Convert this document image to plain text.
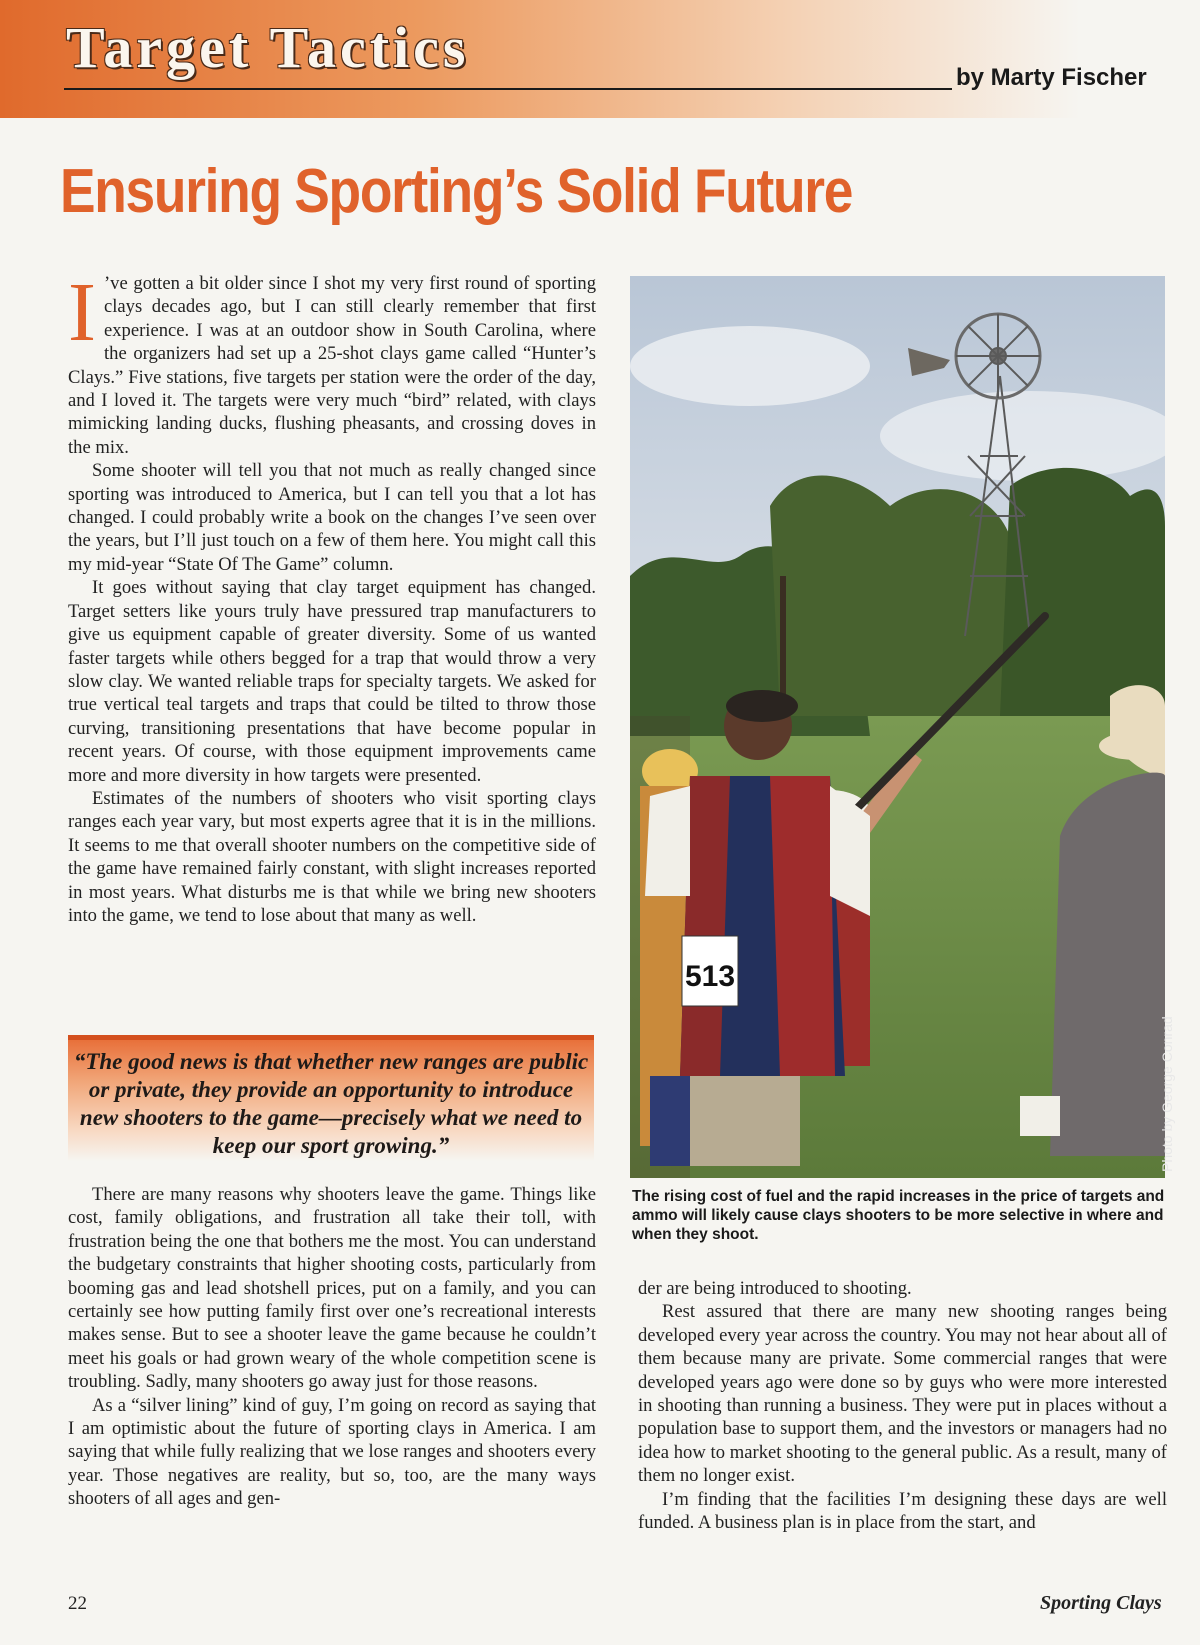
Target Tactics	by Marty Fischer
Ensuring Sporting’s Solid Future

I ’ve gotten a bit older since I shot my very first round of sporting clays decades ago, but I can still clearly remember that first experience. I was at an outdoor show in South Carolina, where the organizers had set up a 25-shot clays game called “Hunter’s Clays.” Five stations, five targets per station were the order of the day, and I loved it. The targets were very much “bird” related, with clays mimicking landing ducks, flushing pheasants, and crossing doves in the mix.

Some shooter will tell you that not much as really changed since sporting was introduced to America, but I can tell you that a lot has changed. I could probably write a book on the changes I’ve seen over the years, but I’ll just touch on a few of them here. You might call this my mid-year “State Of The Game” column.

It goes without saying that clay target equipment has changed. Target setters like yours truly have pressured trap manufacturers to give us equipment capable of greater diversity. Some of us wanted faster targets while others begged for a trap that would throw a very slow clay. We wanted reliable traps for specialty targets. We asked for true vertical teal targets and traps that could be tilted to throw those curving, transitioning presentations that have become popular in recent years. Of course, with those equipment improvements came more and more diversity in how targets were presented.

Estimates of the numbers of shooters who visit sporting clays ranges each year vary, but most experts agree that it is in the millions. It seems to me that overall shooter numbers on the competitive side of the game have remained fairly constant, with slight increases reported in most years. What disturbs me is that while we bring new shooters into the game, we tend to lose about that many as well.

“The good news is that whether new ranges are public or private, they provide an opportunity to introduce new shooters to the game—precisely what we need to keep our sport growing.”

There are many reasons why shooters leave the game. Things like cost, family obligations, and frustration all take their toll, with frustration being the one that bothers me the most. You can understand the budgetary constraints that higher shooting costs, particularly from booming gas and lead shotshell prices, put on a family, and you can certainly see how putting family first over one’s recreational interests makes sense. But to see a shooter leave the game because he couldn’t meet his goals or had grown weary of the whole competition scene is troubling. Sadly, many shooters go away just for those reasons.

As a “silver lining” kind of guy, I’m going on record as saying that I am optimistic about the future of sporting clays in America. I am saying that while fully realizing that we lose ranges and shooters every year. Those negatives are reality, but so, too, are the many ways shooters of all ages and gen-

513
Photo by George Conrad
The rising cost of fuel and the rapid increases in the price of targets and ammo will likely cause clays shooters to be more selective in where and when they shoot.

der are being introduced to shooting.

Rest assured that there are many new shooting ranges being developed every year across the country. You may not hear about all of them because many are private. Some commercial ranges that were developed years ago were done so by guys who were more interested in shooting than running a business. They were put in places without a population base to support them, and the investors or managers had no idea how to market shooting to the general public. As a result, many of them no longer exist.

I’m finding that the facilities I’m designing these days are well funded. A business plan is in place from the start, and

22	Sporting Clays
